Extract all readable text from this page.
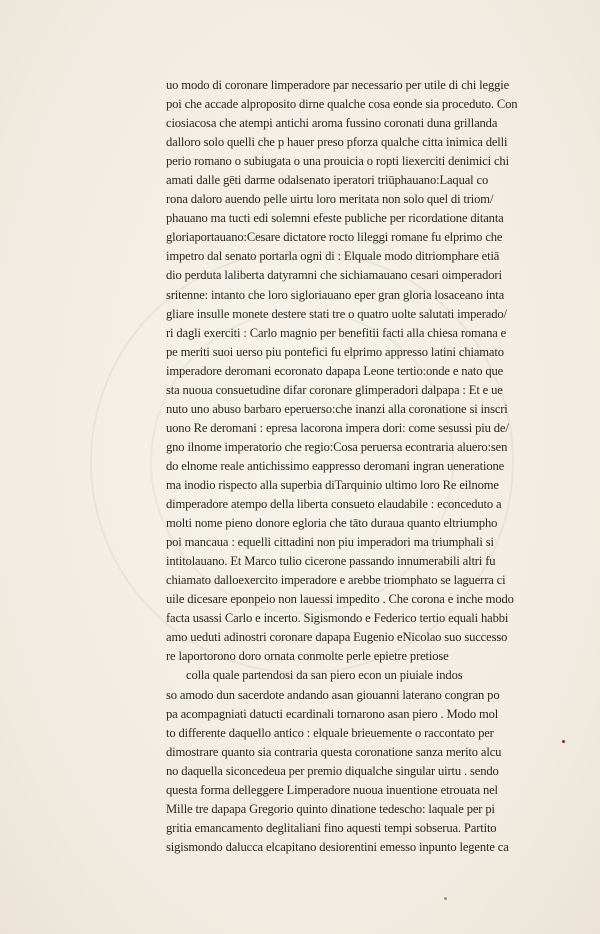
uo modo di coronare limperadore par necessario per utile di chi leggie
poi che accade alproposito dirne qualche cosa eonde sia proceduto. Con
ciosiacosa che atempi antichi aroma fussino coronati duna grillanda
dalloro solo quelli che p hauer preso pforza qualche citta inimica delli
perio romano o subiugata o una prouicia o ropti liexerciti denimici chi
amati dalle gēti darme odalsenato iperatori triūphauano:Laqual co
rona daloro auendo pelle uirtu loro meritata non solo quel di triom/
phauano ma tucti edi solemni efeste publiche per ricordatione ditanta
gloriaportauano:Cesare dictatore rocto lileggi romane fu elprimo che
impetro dal senato portarla ogni di : Elquale modo ditriomphare etiā
dio perduta laliberta datyramni che sichiamauano cesari oimperadori
sritenne: intanto che loro sigloriauano eper gran gloria losaceano inta
gliare insulle monete destere stati tre o quatro uolte salutati imperado/
ri dagli exerciti : Carlo magnio per benefitii facti alla chiesa romana e
pe meriti suoi uerso piu pontefici fu elprimo appresso latini chiamato
imperadore deromani ecoronato dapapa Leone tertio:onde e nato que
sta nuoua consuetudine difar coronare glimperadori dalpapa : Et e ue
nuto uno abuso barbaro eperuerso:che inanzi alla coronatione si inscri
uono Re deromani : epresa lacorona impera dori: come sesussi piu de/
gno ilnome imperatorio che regio:Cosa peruersa econtraria aluero:sen
do elnome reale antichissimo eappresso deromani ingran ueneratione
ma inodio rispecto alla superbia diTarquinio ultimo loro Re eilnome
dimperadore atempo della liberta consueto elaudabile : econceduto a
molti nome pieno donore egloria che tāto duraua quanto eltriumpho
poi mancaua : equelli cittadini non piu imperadori ma triumphali si
intitolauano. Et Marco tulio cicerone passando innumerabili altri fu
chiamato dalloexercito imperadore e arebbe triomphato se laguerra ci
uile dicesare eponpeio non lauessi impedito . Che corona e inche modo
facta usassi Carlo e incerto. Sigismondo e Federico tertio equali habbi
amo ueduti adinostri coronare dapapa Eugenio eNicolao suo successo
re laportorono doro ornata conmolte perle epietre pretiose
colla quale partendosi da san piero econ un piuiale indos
so amodo dun sacerdote andando asan giouanni laterano congran po
pa acompagniati datucti ecardinali tornarono asan piero . Modo mol
to differente daquello antico : elquale brieuemente o raccontato per
dimostrare quanto sia contraria questa coronatione sanza merito alcu
no daquella siconcedeua per premio diqualche singular uirtu . sendo
questa forma delleggere Limperadore nuoua inuentione etrouata nel
Mille tre dapapa Gregorio quinto dinatione tedescho: laquale per pi
gritia emancamento deglitaliani fino aquesti tempi sobserua. Partito
sigismondo dalucca elcapitano desiorentini emesso inpunto legente ca
